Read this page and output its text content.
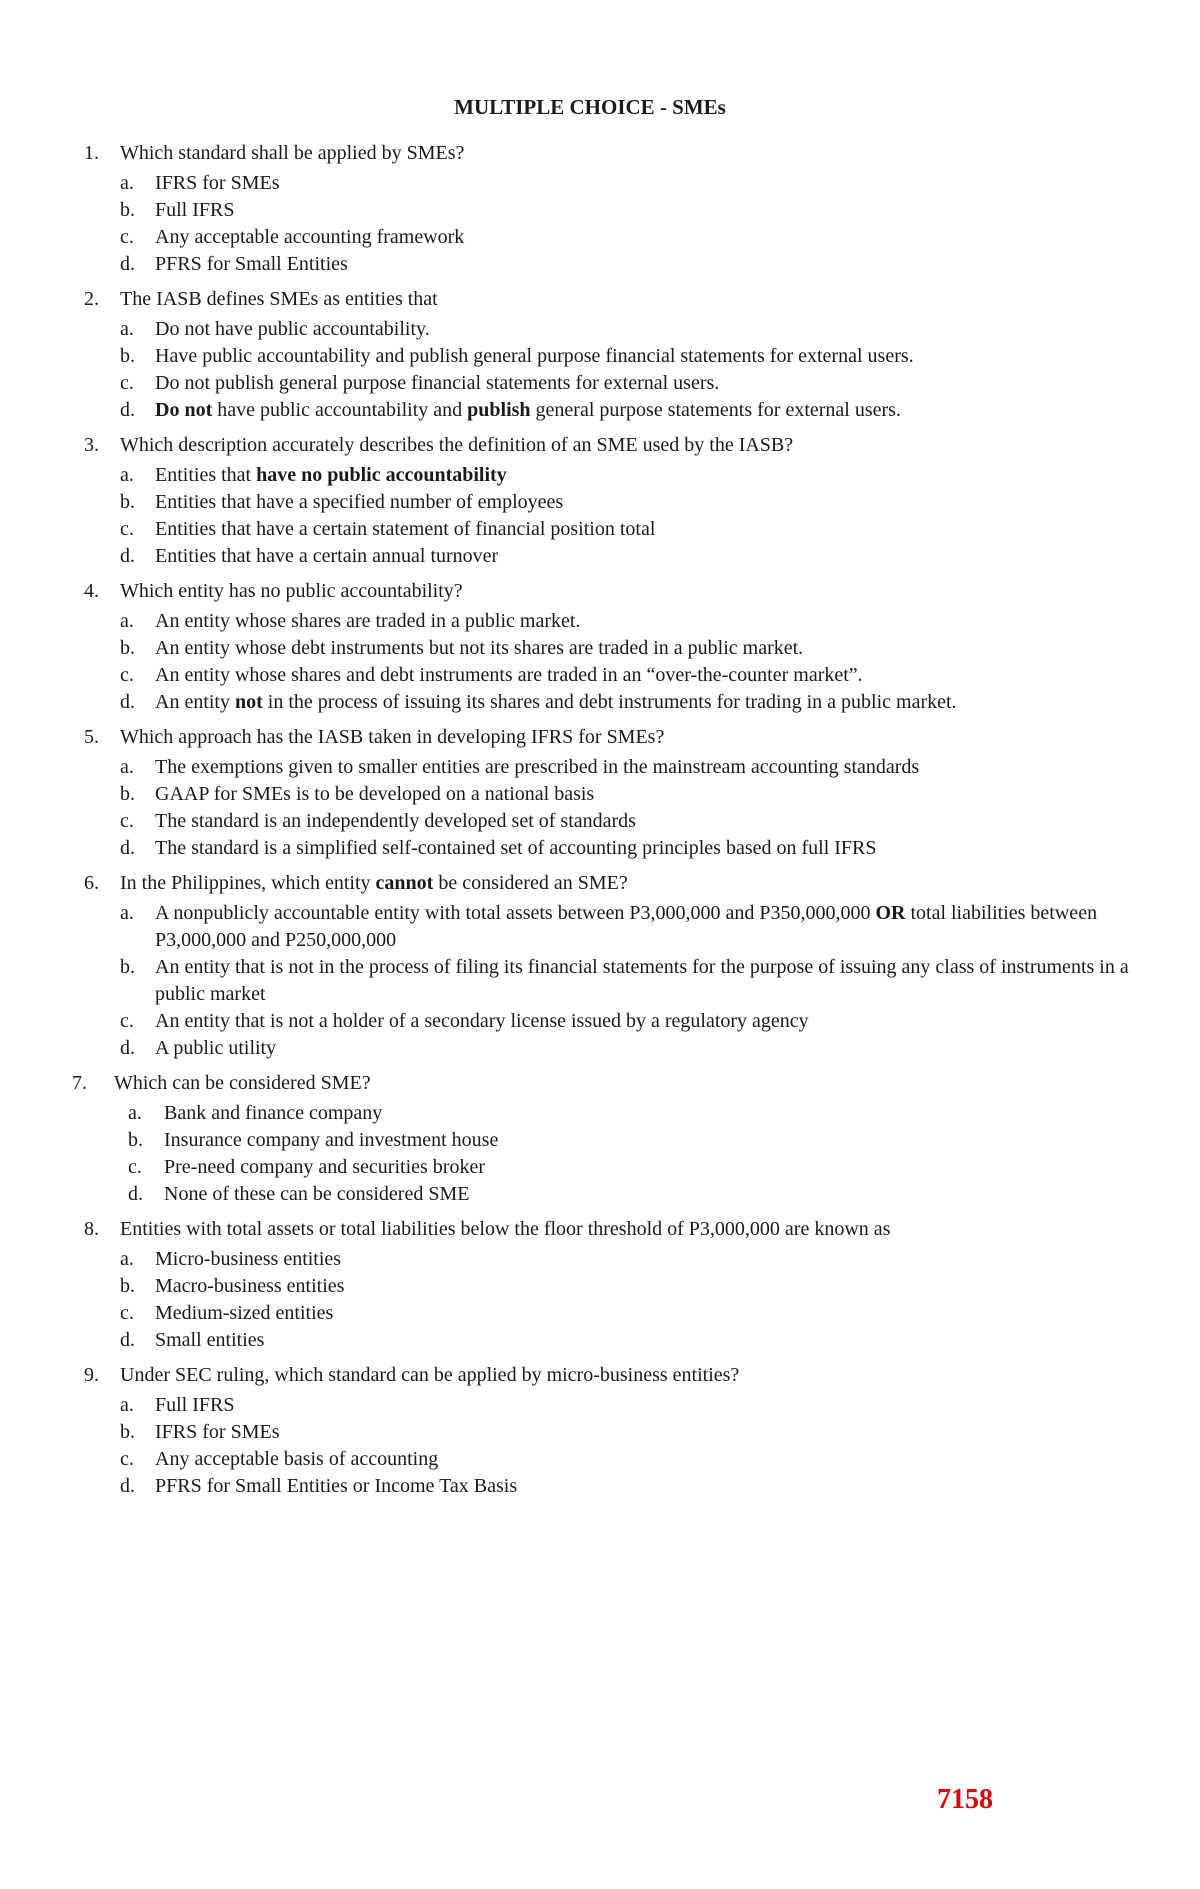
MULTIPLE CHOICE - SMEs
1.	Which standard shall be applied by SMEs?
a.	IFRS for SMEs
b.	Full IFRS
c.	Any acceptable accounting framework
d.	PFRS for Small Entities
2.	The IASB defines SMEs as entities that
a.	Do not have public accountability.
b.	Have public accountability and publish general purpose financial statements for external users.
c.	Do not publish general purpose financial statements for external users.
d.	Do not have public accountability and publish general purpose statements for external users.
3.	Which description accurately describes the definition of an SME used by the IASB?
a.	Entities that have no public accountability
b.	Entities that have a specified number of employees
c.	Entities that have a certain statement of financial position total
d.	Entities that have a certain annual turnover
4.	Which entity has no public accountability?
a.	An entity whose shares are traded in a public market.
b.	An entity whose debt instruments but not its shares are traded in a public market.
c.	An entity whose shares and debt instruments are traded in an “over-the-counter market”.
d.	An entity not in the process of issuing its shares and debt instruments for trading in a public market.
5.	Which approach has the IASB taken in developing IFRS for SMEs?
a.	The exemptions given to smaller entities are prescribed in the mainstream accounting standards
b.	GAAP for SMEs is to be developed on a national basis
c.	The standard is an independently developed set of standards
d.	The standard is a simplified self-contained set of accounting principles based on full IFRS
6.	In the Philippines, which entity cannot be considered an SME?
a.	A nonpublicly accountable entity with total assets between P3,000,000 and P350,000,000 OR total liabilities between P3,000,000 and P250,000,000
b.	An entity that is not in the process of filing its financial statements for the purpose of issuing any class of instruments in a public market
c.	An entity that is not a holder of a secondary license issued by a regulatory agency
d.	A public utility
7.	Which can be considered SME?
a.	Bank and finance company
b.	Insurance company and investment house
c.	Pre-need company and securities broker
d.	None of these can be considered SME
8.	Entities with total assets or total liabilities below the floor threshold of P3,000,000 are known as
a.	Micro-business entities
b.	Macro-business entities
c.	Medium-sized entities
d.	Small entities
9.	Under SEC ruling, which standard can be applied by micro-business entities?
a.	Full IFRS
b.	IFRS for SMEs
c.	Any acceptable basis of accounting
d.	PFRS for Small Entities or Income Tax Basis
7158
